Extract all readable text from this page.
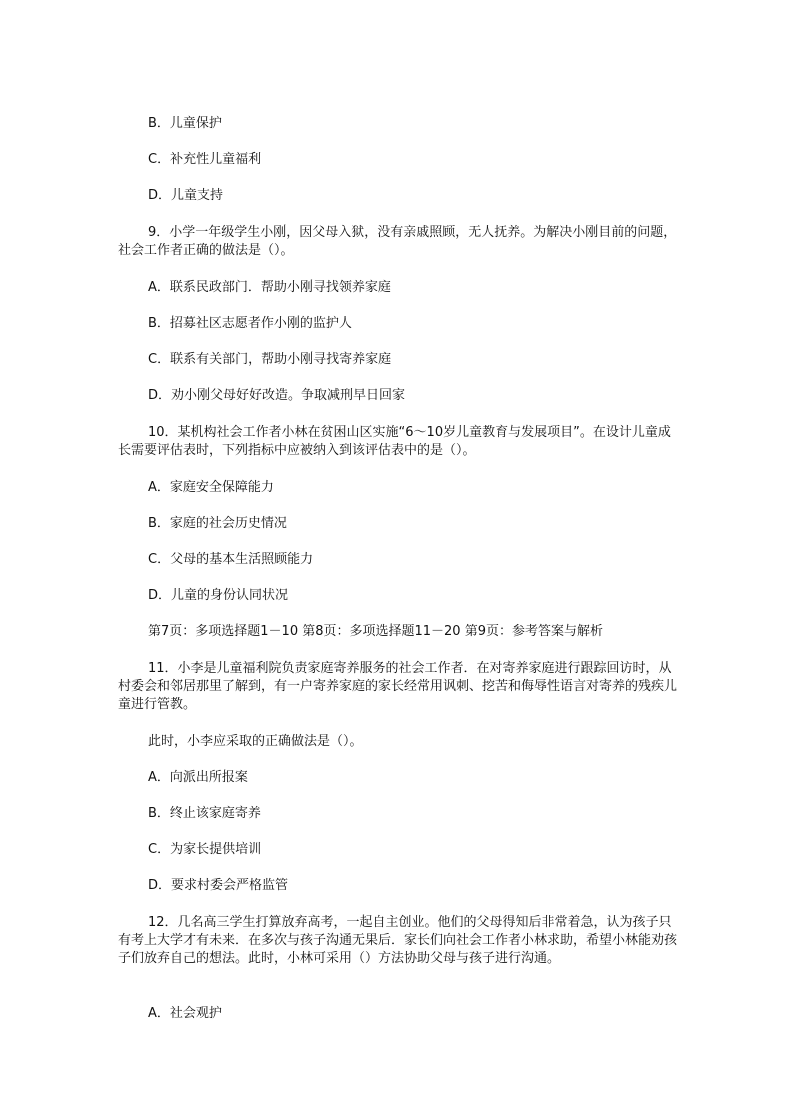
B．儿童保护
C．补充性儿童福利
D．儿童支持
9．小学一年级学生小刚，因父母入狱，没有亲戚照顾，无人抚养。为解决小刚目前的问题，社会工作者正确的做法是（）。
A．联系民政部门．帮助小刚寻找领养家庭
B．招募社区志愿者作小刚的监护人
C．联系有关部门，帮助小刚寻找寄养家庭
D．劝小刚父母好好改造。争取减刑早日回家
10．某机构社会工作者小林在贫困山区实施“6～10岁儿童教育与发展项目”。在设计儿童成长需要评估表时，下列指标中应被纳入到该评估表中的是（）。
A．家庭安全保障能力
B．家庭的社会历史情况
C．父母的基本生活照顾能力
D．儿童的身份认同状况
第7页：多项选择题1－10 第8页：多项选择题11－20 第9页：参考答案与解析
11．小李是儿童福利院负责家庭寄养服务的社会工作者．在对寄养家庭进行跟踪回访时，从村委会和邻居那里了解到，有一户寄养家庭的家长经常用讽刺、挖苦和侮辱性语言对寄养的残疾儿童进行管教。
此时，小李应采取的正确做法是（）。
A．向派出所报案
B．终止该家庭寄养
C．为家长提供培训
D．要求村委会严格监管
12．几名高三学生打算放弃高考，一起自主创业。他们的父母得知后非常着急，认为孩子只有考上大学才有未来．在多次与孩子沟通无果后．家长们向社会工作者小林求助，希望小林能劝孩子们放弃自己的想法。此时，小林可采用（）方法协助父母与孩子进行沟通。
A．社会观护
